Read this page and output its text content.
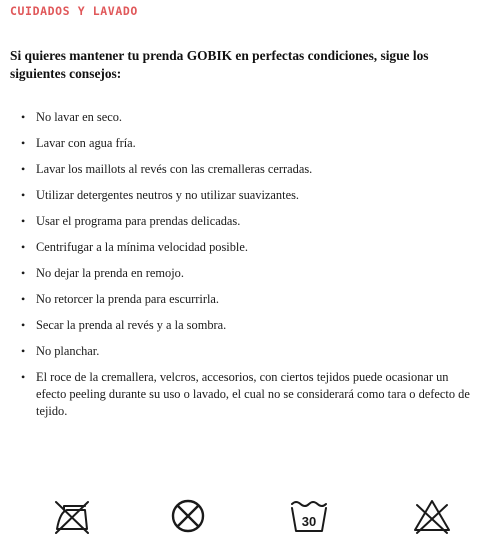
CUIDADOS Y LAVADO

Si quieres mantener tu prenda GOBIK en perfectas condiciones, sigue los siguientes consejos:

• No lavar en seco.
• Lavar con agua fría.
• Lavar los maillots al revés con las cremalleras cerradas.
• Utilizar detergentes neutros y no utilizar suavizantes.
• Usar el programa para prendas delicadas.
• Centrifugar a la mínima velocidad posible.
• No dejar la prenda en remojo.
• No retorcer la prenda para escurrirla.
• Secar la prenda al revés y a la sombra.
• No planchar.
• El roce de la cremallera, velcros, accesorios, con ciertos tejidos puede ocasionar un efecto peeling durante su uso o lavado, el cual no se considerará como tara o defecto de tejido.
30
